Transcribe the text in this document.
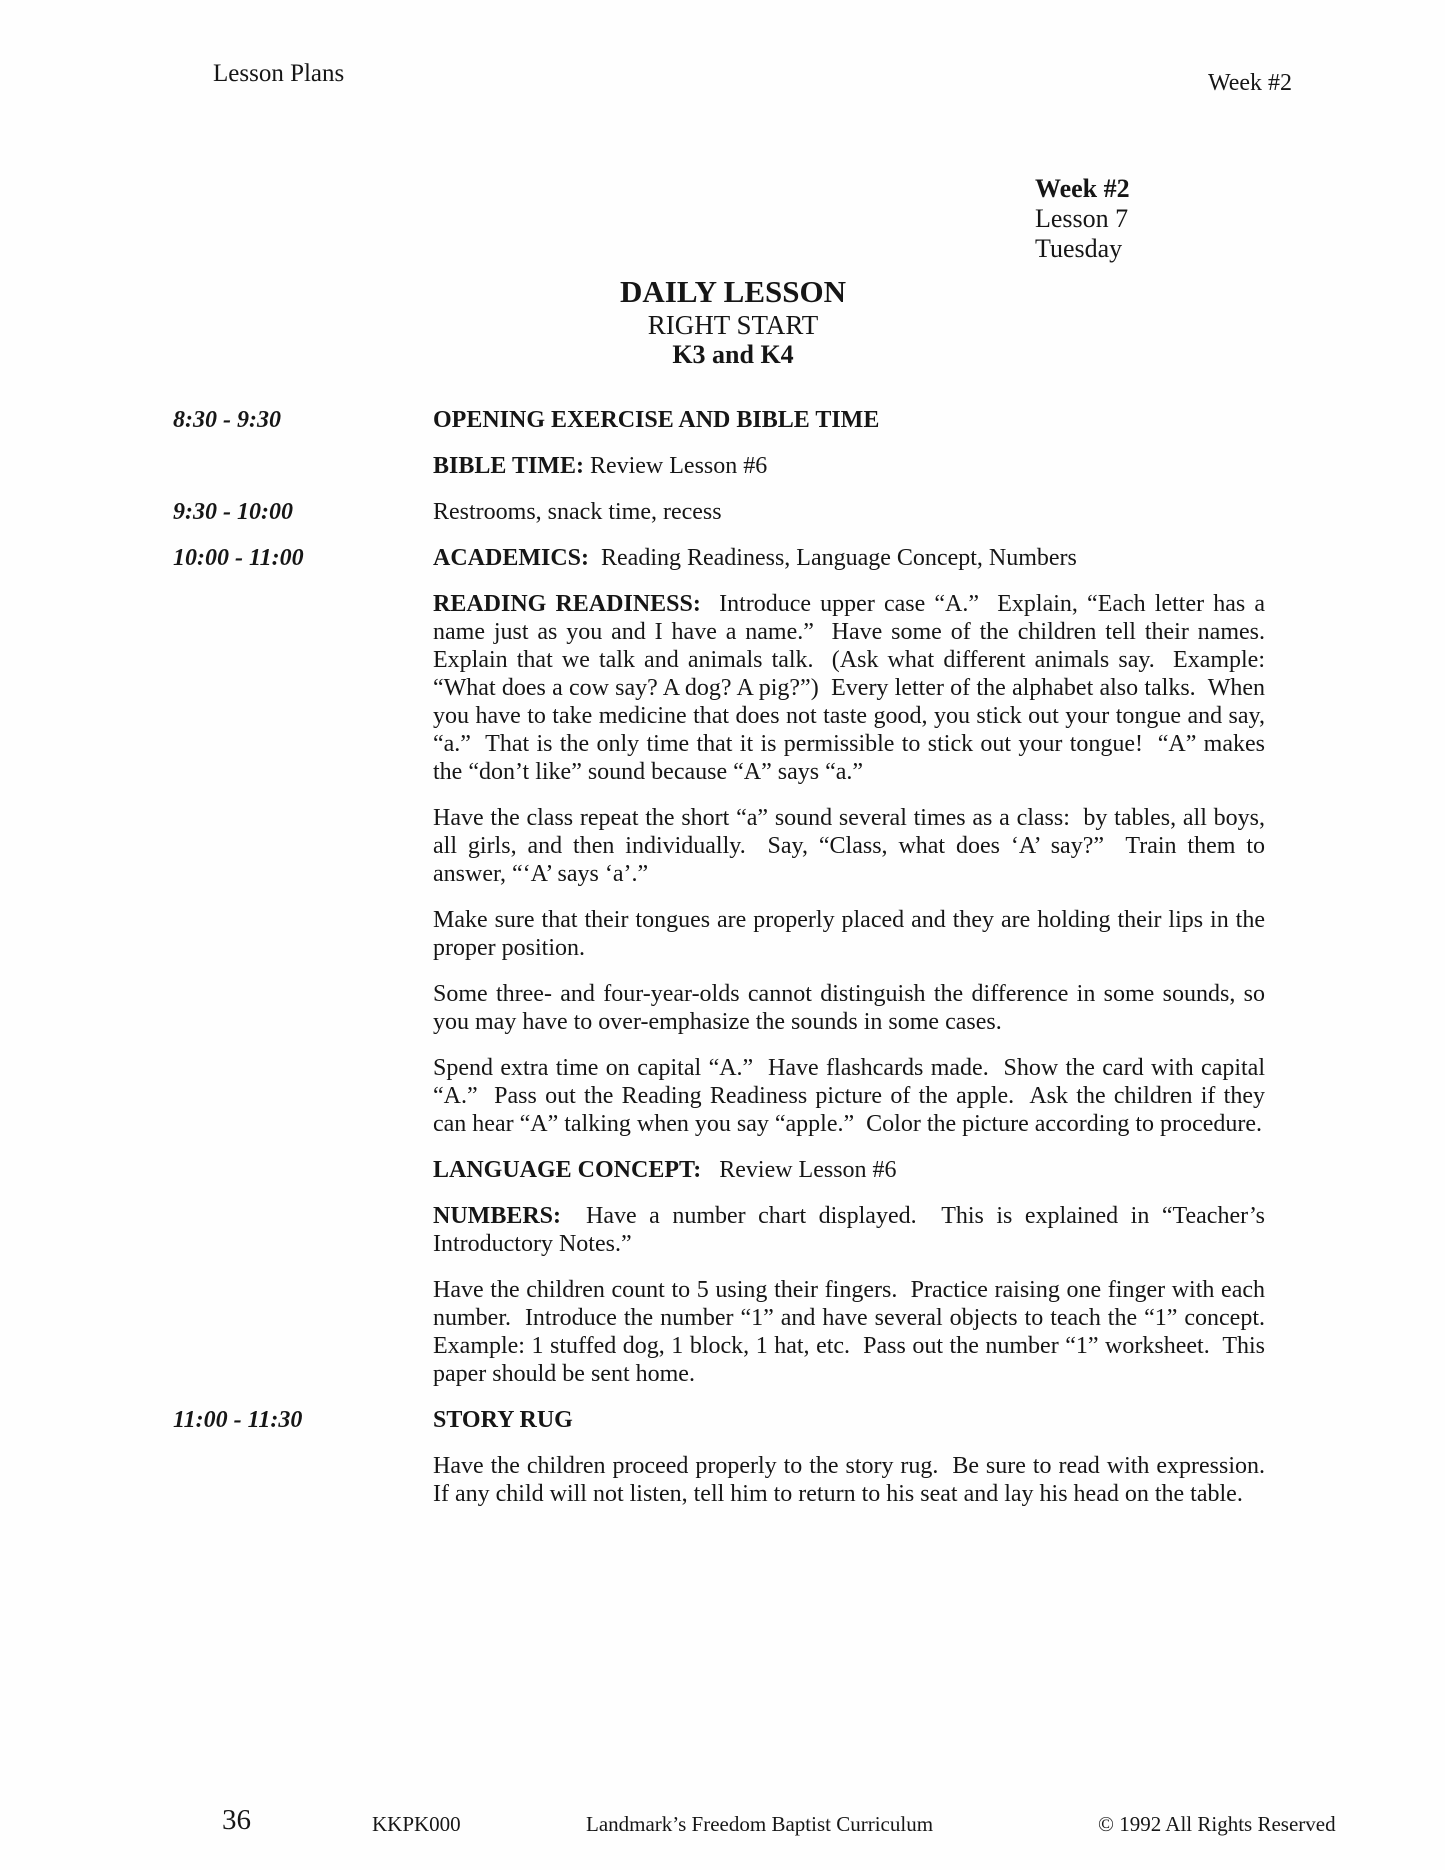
Lesson Plans	Week #2
Week #2
Lesson 7
Tuesday
DAILY LESSON
RIGHT START
K3 and K4
8:30 - 9:30	OPENING EXERCISE AND BIBLE TIME
BIBLE TIME: Review Lesson #6
9:30 - 10:00	Restrooms, snack time, recess
10:00 - 11:00	ACADEMICS:  Reading Readiness, Language Concept, Numbers
READING READINESS:  Introduce upper case “A.”  Explain, “Each letter has a name just as you and I have a name.”  Have some of the children tell their names.  Explain that we talk and animals talk.  (Ask what different animals say.  Example: “What does a cow say? A dog? A pig?”)  Every letter of the alphabet also talks.  When you have to take medicine that does not taste good, you stick out your tongue and say, “a.”  That is the only time that it is permissible to stick out your tongue!  “A” makes the “don’t like” sound because “A” says “a.”
Have the class repeat the short “a” sound several times as a class:  by tables, all boys, all girls, and then individually.  Say, “Class, what does ‘A’ say?”  Train them to answer, “‘A’ says ‘a’.”
Make sure that their tongues are properly placed and they are holding their lips in the proper position.
Some three- and four-year-olds cannot distinguish the difference in some sounds, so you may have to over-emphasize the sounds in some cases.
Spend extra time on capital “A.”  Have flashcards made.  Show the card with capital “A.”  Pass out the Reading Readiness picture of the apple.  Ask the children if they can hear “A” talking when you say “apple.”  Color the picture according to procedure.
LANGUAGE CONCEPT:   Review Lesson #6
NUMBERS:  Have a number chart displayed.  This is explained in “Teacher’s Introductory Notes.”
Have the children count to 5 using their fingers.  Practice raising one finger with each number.  Introduce the number “1” and have several objects to teach the “1” concept. Example: 1 stuffed dog, 1 block, 1 hat, etc.  Pass out the number “1” worksheet.  This paper should be sent home.
11:00 - 11:30	STORY RUG
Have the children proceed properly to the story rug.  Be sure to read with expression.  If any child will not listen, tell him to return to his seat and lay his head on the table.
36	KKPK000	Landmark’s Freedom Baptist Curriculum	© 1992 All Rights Reserved
